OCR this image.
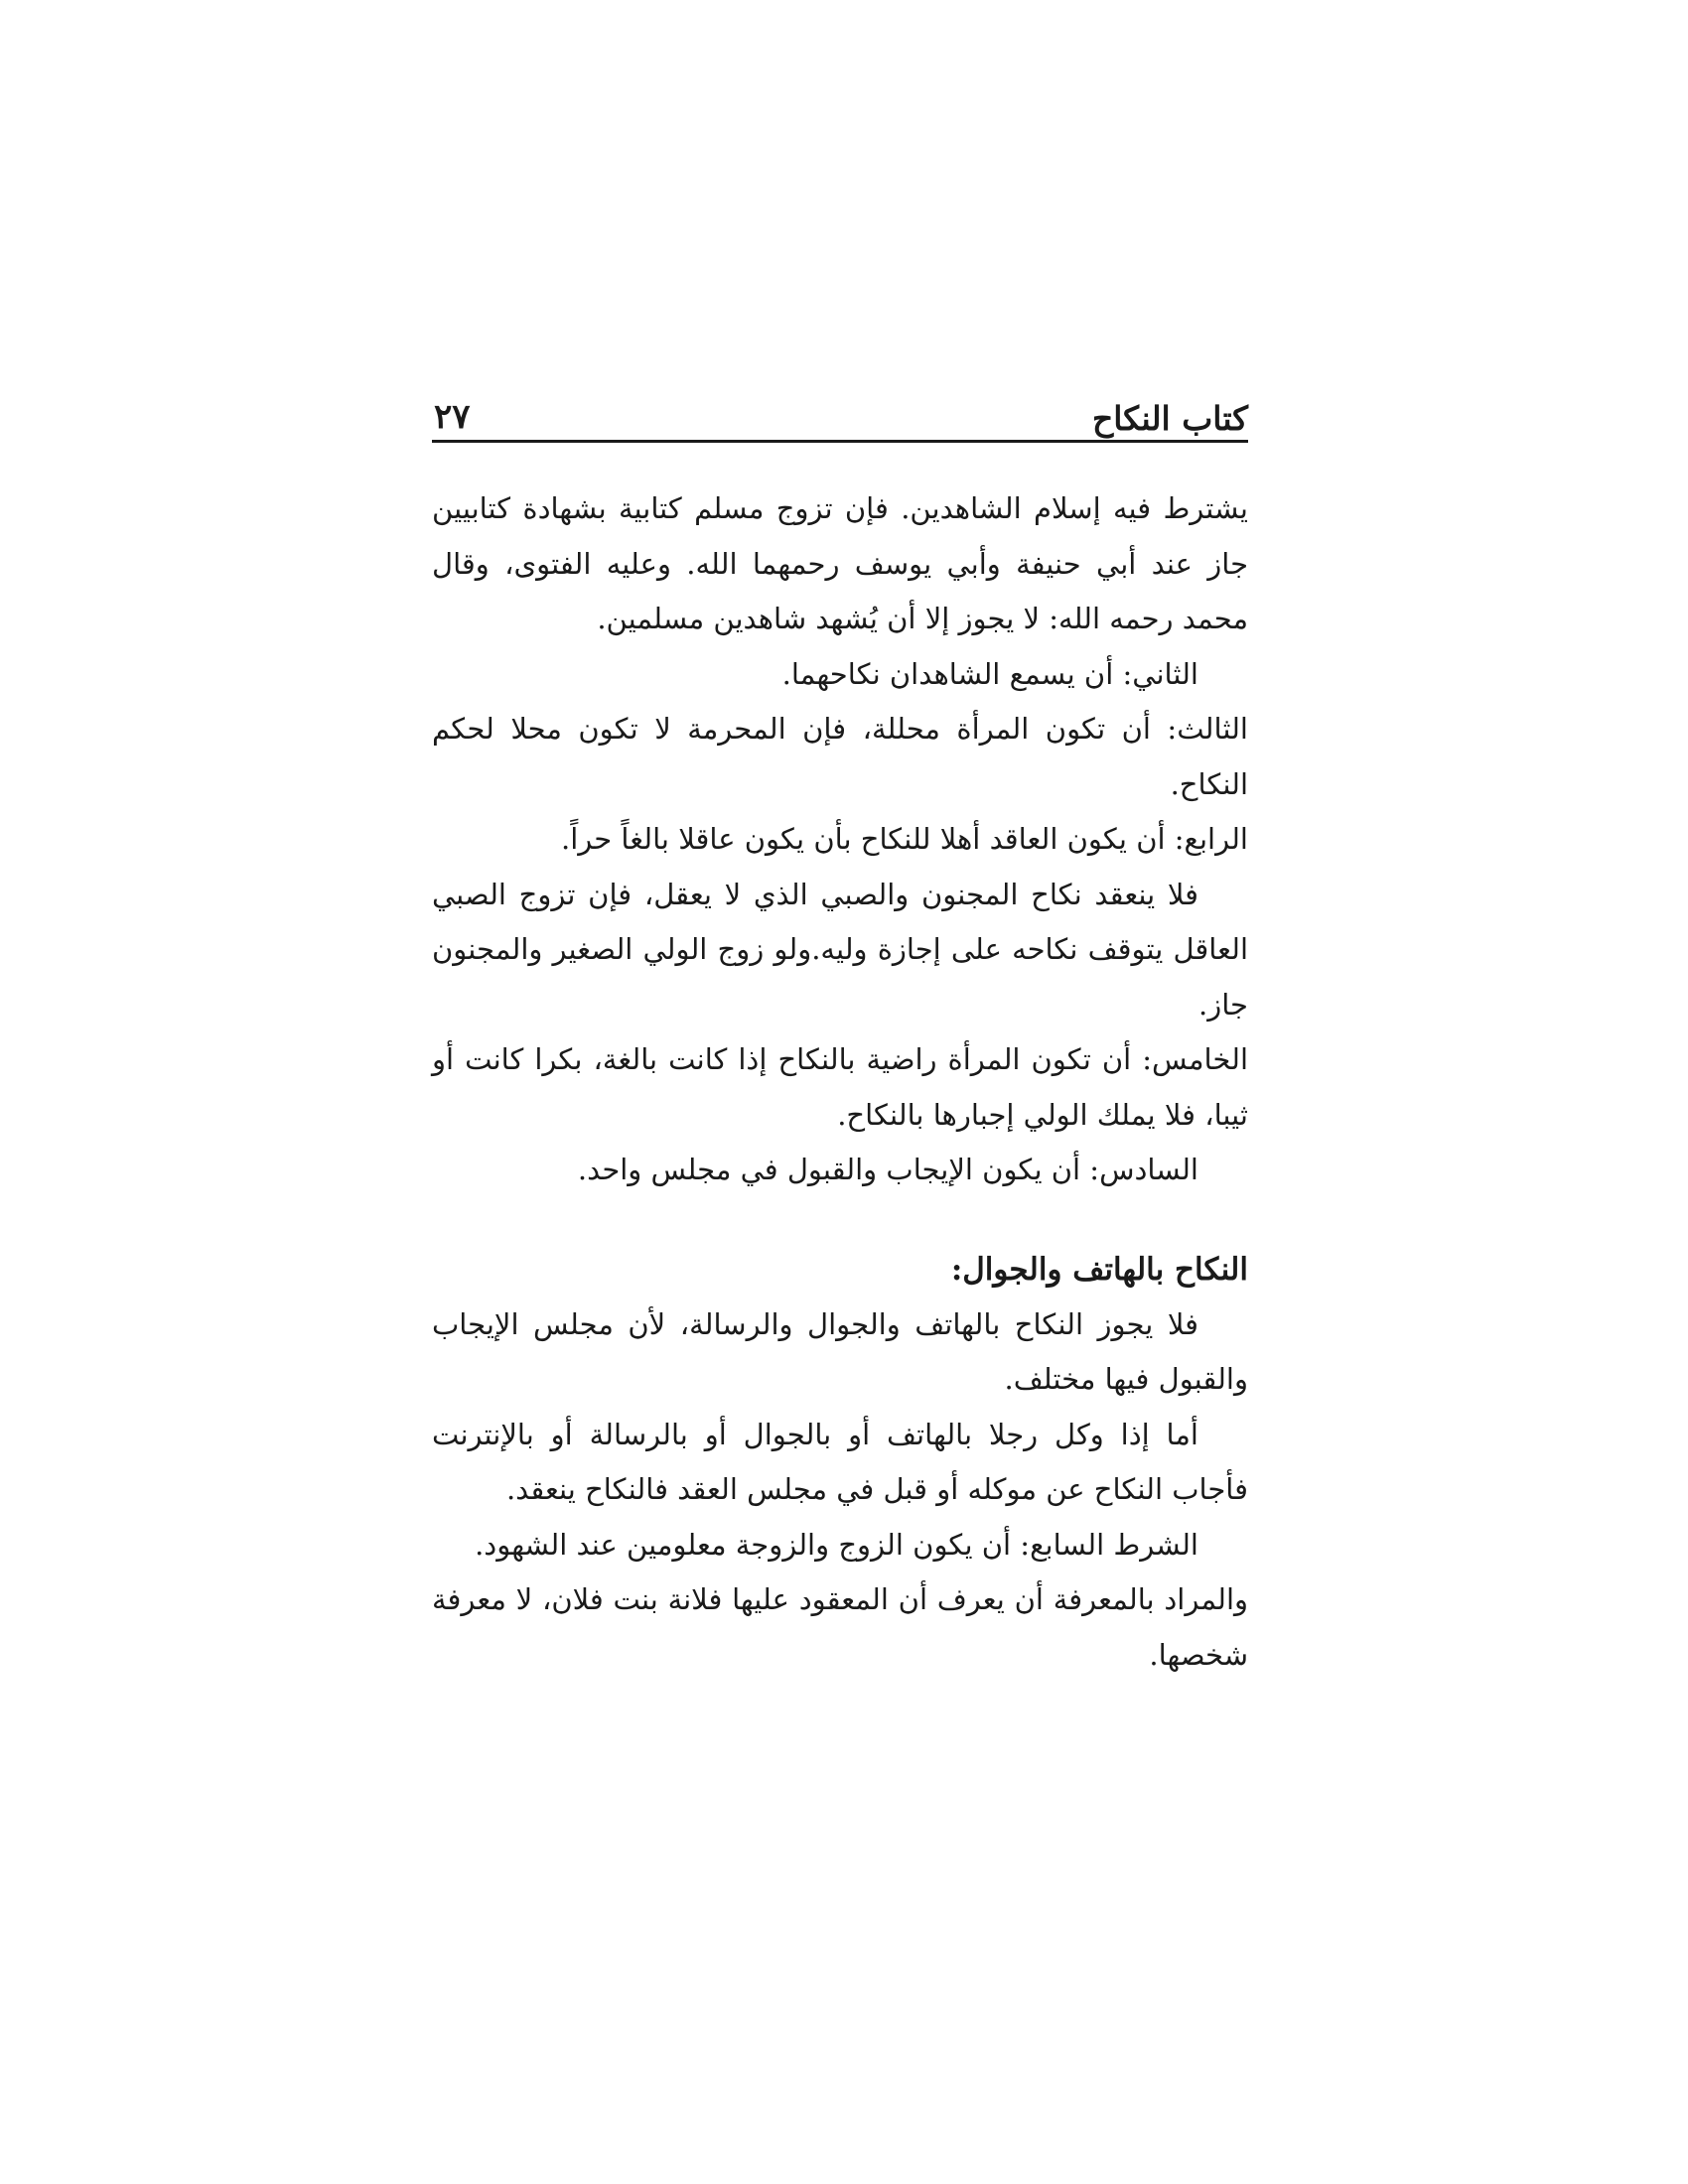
كتاب النكاح
٢٧

يشترط فيه إسلام الشاهدين. فإن تزوج مسلم كتابية بشهادة كتابيين جاز عند أبي حنيفة وأبي يوسف رحمهما الله. وعليه الفتوى، وقال محمد رحمه الله: لا يجوز إلا أن يُشهد شاهدين مسلمين.

الثاني: أن يسمع الشاهدان نكاحهما.

الثالث: أن تكون المرأة محللة، فإن المحرمة لا تكون محلا لحكم النكاح.

الرابع: أن يكون العاقد أهلا للنكاح بأن يكون عاقلا بالغاً حراً.

فلا ينعقد نكاح المجنون والصبي الذي لا يعقل، فإن تزوج الصبي العاقل يتوقف نكاحه على إجازة وليه.ولو زوج الولي الصغير والمجنون جاز.

الخامس: أن تكون المرأة راضية بالنكاح إذا كانت بالغة، بكرا كانت أو ثيبا، فلا يملك الولي إجبارها بالنكاح.

السادس: أن يكون الإيجاب والقبول في مجلس واحد.

النكاح بالهاتف والجوال:

فلا يجوز النكاح بالهاتف والجوال والرسالة، لأن مجلس الإيجاب والقبول فيها مختلف.

أما إذا وكل رجلا بالهاتف أو بالجوال أو بالرسالة أو بالإنترنت فأجاب النكاح عن موكله أو قبل في مجلس العقد فالنكاح ينعقد.

الشرط السابع: أن يكون الزوج والزوجة معلومين عند الشهود.

والمراد بالمعرفة أن يعرف أن المعقود عليها فلانة بنت فلان، لا معرفة شخصها.
